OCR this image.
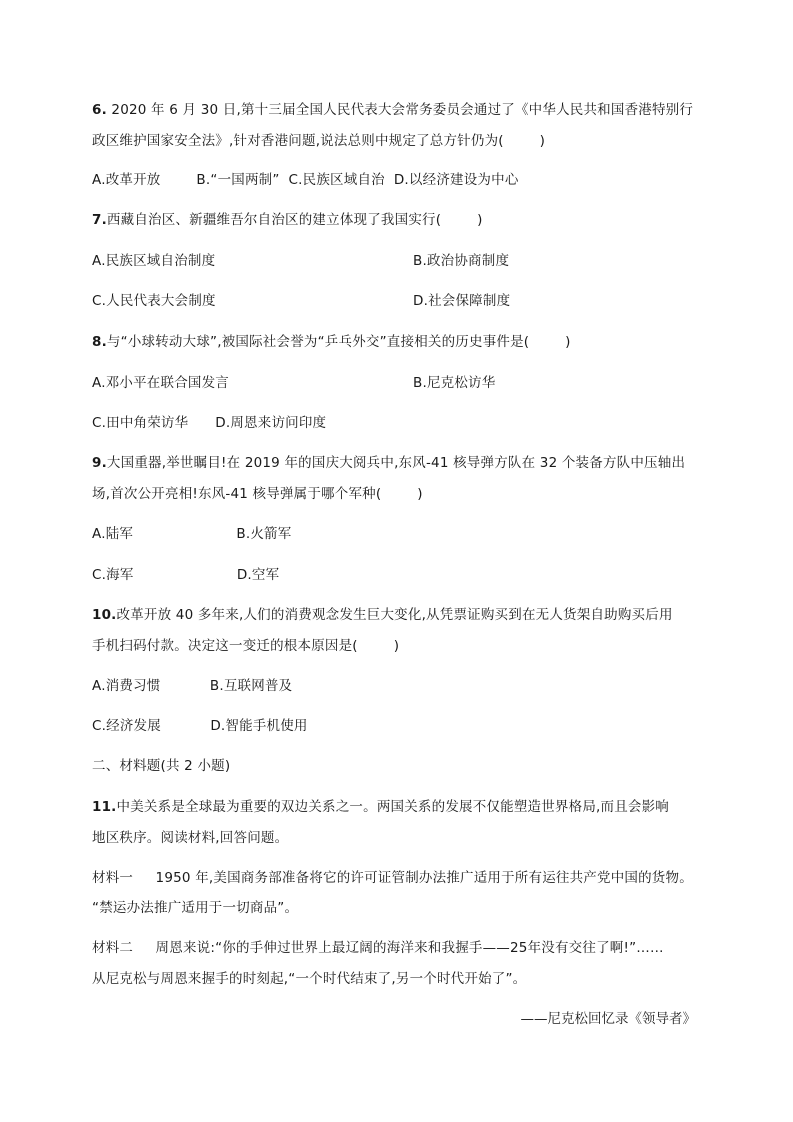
6. 2020 年 6 月 30 日,第十三届全国人民代表大会常务委员会通过了《中华人民共和国香港特别行
政区维护国家安全法》,针对香港问题,说法总则中规定了总方针仍为(        )
A.改革开放        B.“一国两制”  C.民族区域自治  D.以经济建设为中心
7.西藏自治区、新疆维吾尔自治区的建立体现了我国实行(        )
A.民族区域自治制度	B.政治协商制度
C.人民代表大会制度	D.社会保障制度
8.与“小球转动大球”,被国际社会誉为“乒乓外交”直接相关的历史事件是(        )
A.邓小平在联合国发言	B.尼克松访华
C.田中角荣访华      D.周恩来访问印度
9.大国重器,举世瞩目!在 2019 年的国庆大阅兵中,东风-41 核导弹方队在 32 个装备方队中压轴出
场,首次公开亮相!东风-41 核导弹属于哪个军种(        )
A.陆军                       B.火箭军
C.海军                       D.空军
10.改革开放 40 多年来,人们的消费观念发生巨大变化,从凭票证购买到在无人货架自助购买后用
手机扫码付款。决定这一变迁的根本原因是(        )
A.消费习惯           B.互联网普及
C.经济发展           D.智能手机使用
二、材料题(共 2 小题)
11.中美关系是全球最为重要的双边关系之一。两国关系的发展不仅能塑造世界格局,而且会影响
地区秩序。阅读材料,回答问题。
材料一     1950 年,美国商务部准备将它的许可证管制办法推广适用于所有运往共产党中国的货物。
“禁运办法推广适用于一切商品”。
材料二     周恩来说:“你的手伸过世界上最辽阔的海洋来和我握手——25年没有交往了啊!”……
从尼克松与周恩来握手的时刻起,“一个时代结束了,另一个时代开始了”。
——尼克松回忆录《领导者》
